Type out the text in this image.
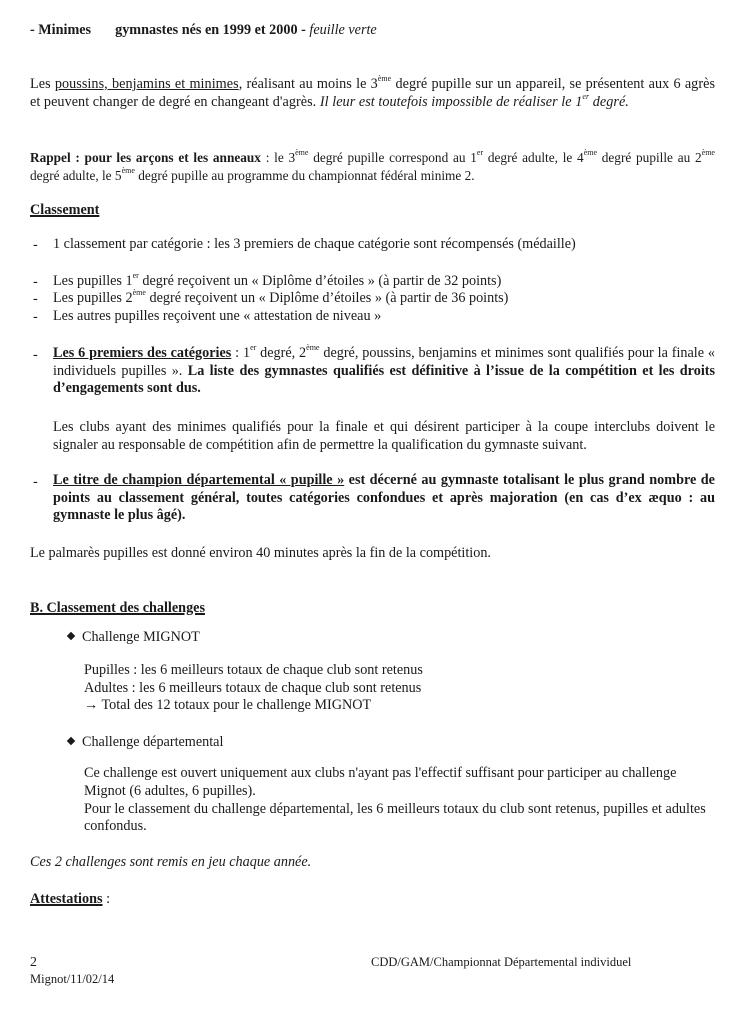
- Minimes gymnastes nés en 1999 et 2000 - feuille verte
Les poussins, benjamins et minimes, réalisant au moins le 3ème degré pupille sur un appareil, se présentent aux 6 agrès et peuvent changer de degré en changeant d'agrès. Il leur est toutefois impossible de réaliser le 1er degré.
Rappel : pour les arçons et les anneaux : le 3ème degré pupille correspond au 1er degré adulte, le 4ème degré pupille au 2ème degré adulte, le 5ème degré pupille au programme du championnat fédéral minime 2.
Classement
- 1 classement par catégorie : les 3 premiers de chaque catégorie sont récompensés (médaille)
- Les pupilles 1er degré reçoivent un « Diplôme d’étoiles » (à partir de 32 points)
- Les pupilles 2ème degré reçoivent un « Diplôme d’étoiles » (à partir de 36 points)
- Les autres pupilles reçoivent une « attestation de niveau »
- Les 6 premiers des catégories : 1er degré, 2ème degré, poussins, benjamins et minimes sont qualifiés pour la finale « individuels pupilles ». La liste des gymnastes qualifiés est définitive à l’issue de la compétition et les droits d’engagements sont dus.
Les clubs ayant des minimes qualifiés pour la finale et qui désirent participer à la coupe interclubs doivent le signaler au responsable de compétition afin de permettre la qualification du gymnaste suivant.
- Le titre de champion départemental « pupille » est décerné au gymnaste totalisant le plus grand nombre de points au classement général, toutes catégories confondues et après majoration (en cas d’ex æquo : au gymnaste le plus âgé).
Le palmarès pupilles est donné environ 40 minutes après la fin de la compétition.
B. Classement des challenges
Challenge MIGNOT
Pupilles : les 6 meilleurs totaux de chaque club sont retenus
Adultes : les 6 meilleurs totaux de chaque club sont retenus
→ Total des 12 totaux pour le challenge MIGNOT
Challenge départemental
Ce challenge est ouvert uniquement aux clubs n'ayant pas l'effectif suffisant pour participer au challenge Mignot (6 adultes, 6 pupilles).
Pour le classement du challenge départemental, les 6 meilleurs totaux du club sont retenus, pupilles et adultes confondus.
Ces 2 challenges sont remis en jeu chaque année.
Attestations :
2
Mignot/11/02/14
CDD/GAM/Championnat Départemental individuel
